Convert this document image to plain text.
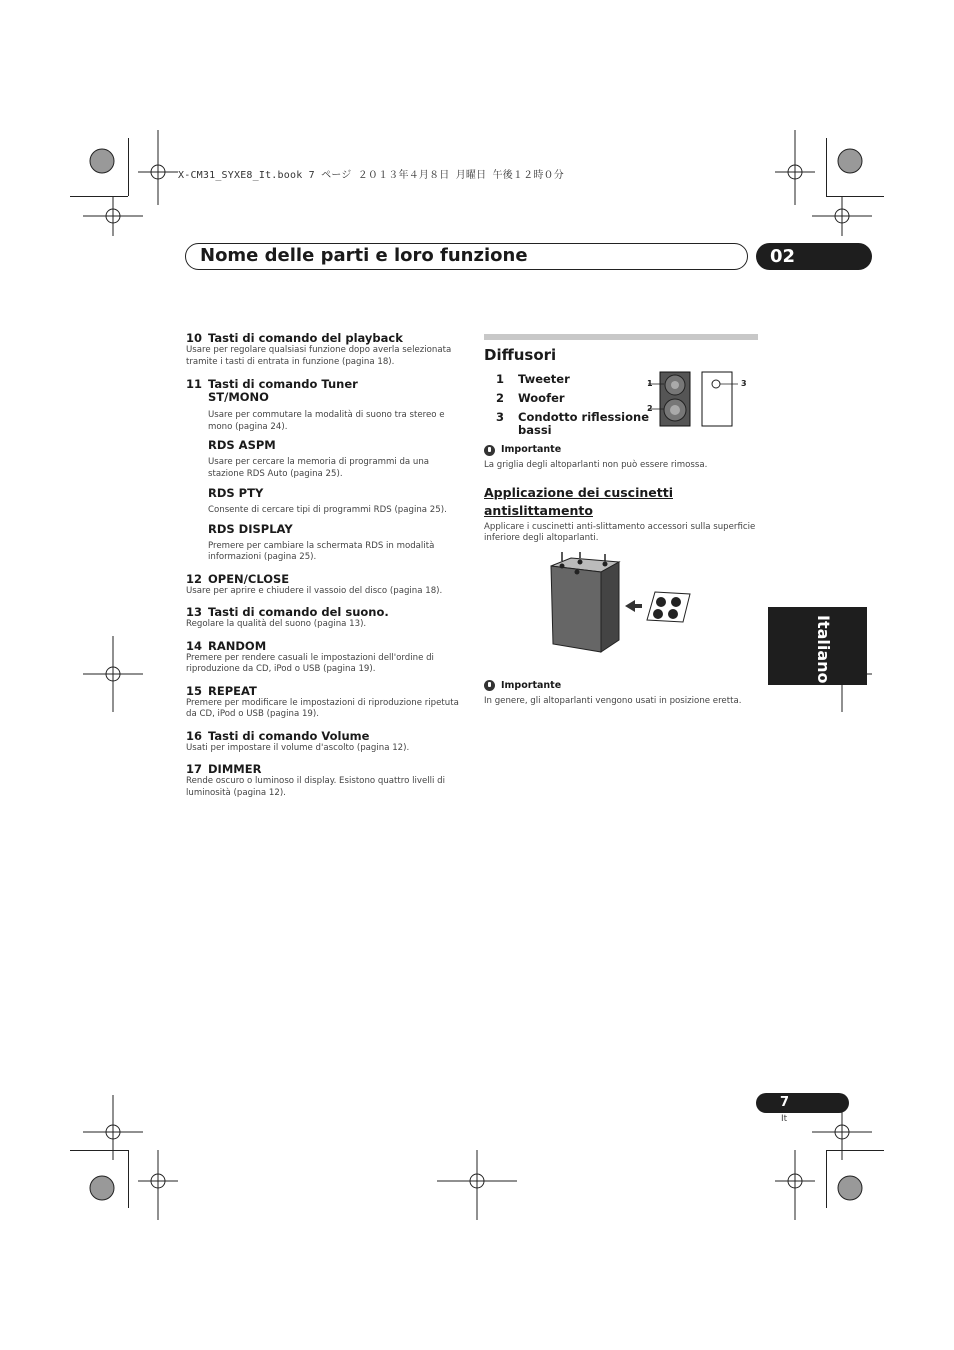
X-CM31_SYXE8_It.book 7 ページ ２０１３年４月８日 月曜日 午後１２時０分
Nome delle parti e loro funzione	02
Italiano
10 Tasti di comando del playback
Usare per regolare qualsiasi funzione dopo averla selezionata tramite i tasti di entrata in funzione (pagina 18).
11 Tasti di comando Tuner
ST/MONO
Usare per commutare la modalità di suono tra stereo e mono (pagina 24).
RDS ASPM
Usare per cercare la memoria di programmi da una stazione RDS Auto (pagina 25).
RDS PTY
Consente di cercare tipi di programmi RDS (pagina 25).
RDS DISPLAY
Premere per cambiare la schermata RDS in modalità informazioni (pagina 25).
12 OPEN/CLOSE
Usare per aprire e chiudere il vassoio del disco (pagina 18).
13 Tasti di comando del suono.
Regolare la qualità del suono (pagina 13).
14 RANDOM
Premere per rendere casuali le impostazioni dell'ordine di riproduzione da CD, iPod o USB (pagina 19).
15 REPEAT
Premere per modificare le impostazioni di riproduzione ripetuta da CD, iPod o USB (pagina 19).
16 Tasti di comando Volume
Usati per impostare il volume d'ascolto (pagina 12).
17 DIMMER
Rende oscuro o luminoso il display. Esistono quattro livelli di luminosità (pagina 12).
Diffusori
1 Tweeter
2 Woofer
3 Condotto riflessione bassi
Importante
La griglia degli altoparlanti non può essere rimossa.
Applicazione dei cuscinetti antislittamento
Applicare i cuscinetti anti-slittamento accessori sulla superficie inferiore degli altoparlanti.
Importante
In genere, gli altoparlanti vengono usati in posizione eretta.
1
2
3
7
It
